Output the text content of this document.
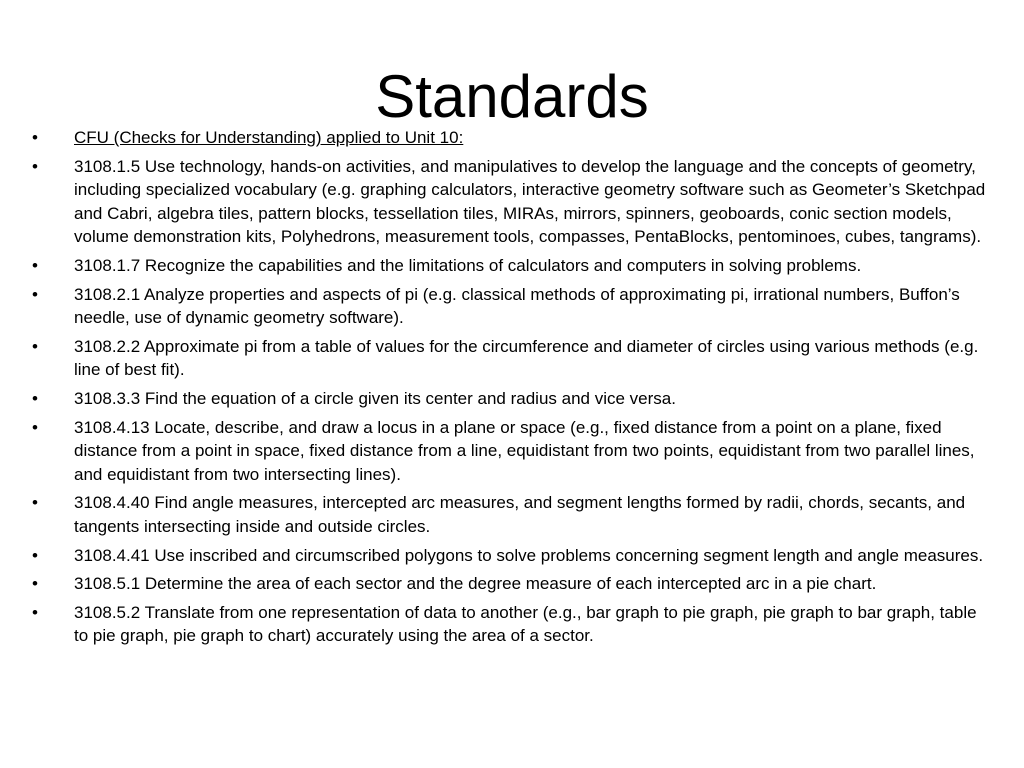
Standards
•	CFU (Checks for Understanding) applied to Unit 10:
•	3108.1.5 Use technology, hands-on activities, and manipulatives to develop the language and the concepts of geometry, including specialized vocabulary (e.g. graphing calculators, interactive geometry software such as Geometer’s Sketchpad and Cabri, algebra tiles, pattern blocks, tessellation tiles, MIRAs, mirrors, spinners, geoboards, conic section models, volume demonstration kits, Polyhedrons, measurement tools, compasses, PentaBlocks, pentominoes, cubes, tangrams).
•	3108.1.7 Recognize the capabilities and the limitations of calculators and computers in solving problems.
•	3108.2.1 Analyze properties and aspects of pi (e.g. classical methods of approximating pi, irrational numbers, Buffon’s needle, use of dynamic geometry software).
•	3108.2.2 Approximate pi from a table of values for the circumference and diameter of circles using various methods (e.g. line of best fit).
•	3108.3.3 Find the equation of a circle given its center and radius and vice versa.
•	3108.4.13 Locate, describe, and draw a locus in a plane or space (e.g., fixed distance from a point on a plane, fixed distance from a point in space, fixed distance from a line, equidistant from two points, equidistant from two parallel lines, and equidistant from two intersecting lines).
•	3108.4.40 Find angle measures, intercepted arc measures, and segment lengths formed by radii, chords, secants, and tangents intersecting inside and outside circles.
•	3108.4.41 Use inscribed and circumscribed polygons to solve problems concerning segment length and angle measures.
•	3108.5.1 Determine the area of each sector and the degree measure of each intercepted arc in a pie chart.
•	3108.5.2 Translate from one representation of data to another (e.g., bar graph to pie graph, pie graph to bar graph, table to pie graph, pie graph to chart) accurately using the area of a sector.
